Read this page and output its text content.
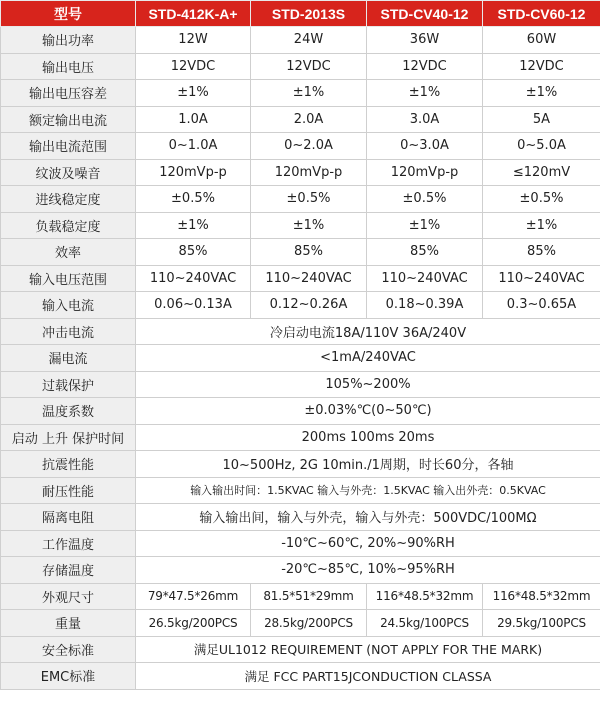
型号	STD-412K-A+	STD-2013S	STD-CV40-12	STD-CV60-12
输出功率	12W	24W	36W	60W
输出电压	12VDC	12VDC	12VDC	12VDC
输出电压容差	±1%	±1%	±1%	±1%
额定输出电流	1.0A	2.0A	3.0A	5A
输出电流范围	0~1.0A	0~2.0A	0~3.0A	0~5.0A
纹波及噪音	120mVp-p	120mVp-p	120mVp-p	≤120mV
进线稳定度	±0.5%	±0.5%	±0.5%	±0.5%
负载稳定度	±1%	±1%	±1%	±1%
效率	85%	85%	85%	85%
输入电压范围	110~240VAC	110~240VAC	110~240VAC	110~240VAC
输入电流	0.06~0.13A	0.12~0.26A	0.18~0.39A	0.3~0.65A
冲击电流	冷启动电流18A/110V 36A/240V			
漏电流	<1mA/240VAC			
过载保护	105%~200%			
温度系数	±0.03%℃(0~50℃)			
启动 上升 保护时间	200ms 100ms 20ms			
抗震性能	10~500Hz, 2G 10min./1周期，时长60分，各轴			
耐压性能	输入输出时间：1.5KVAC 输入与外壳：1.5KVAC 输入出外壳：0.5KVAC			
隔离电阻	输入输出间，输入与外壳，输入与外壳：500VDC/100MΩ			
工作温度	-10℃~60℃, 20%~90%RH			
存储温度	-20℃~85℃, 10%~95%RH			
外观尺寸	79*47.5*26mm	81.5*51*29mm	116*48.5*32mm	116*48.5*32mm
重量	26.5kg/200PCS	28.5kg/200PCS	24.5kg/100PCS	29.5kg/100PCS
安全标准	满足UL1012 REQUIREMENT (NOT APPLY FOR THE MARK)			
EMC标准	满足 FCC PART15JCONDUCTION CLASSA			
